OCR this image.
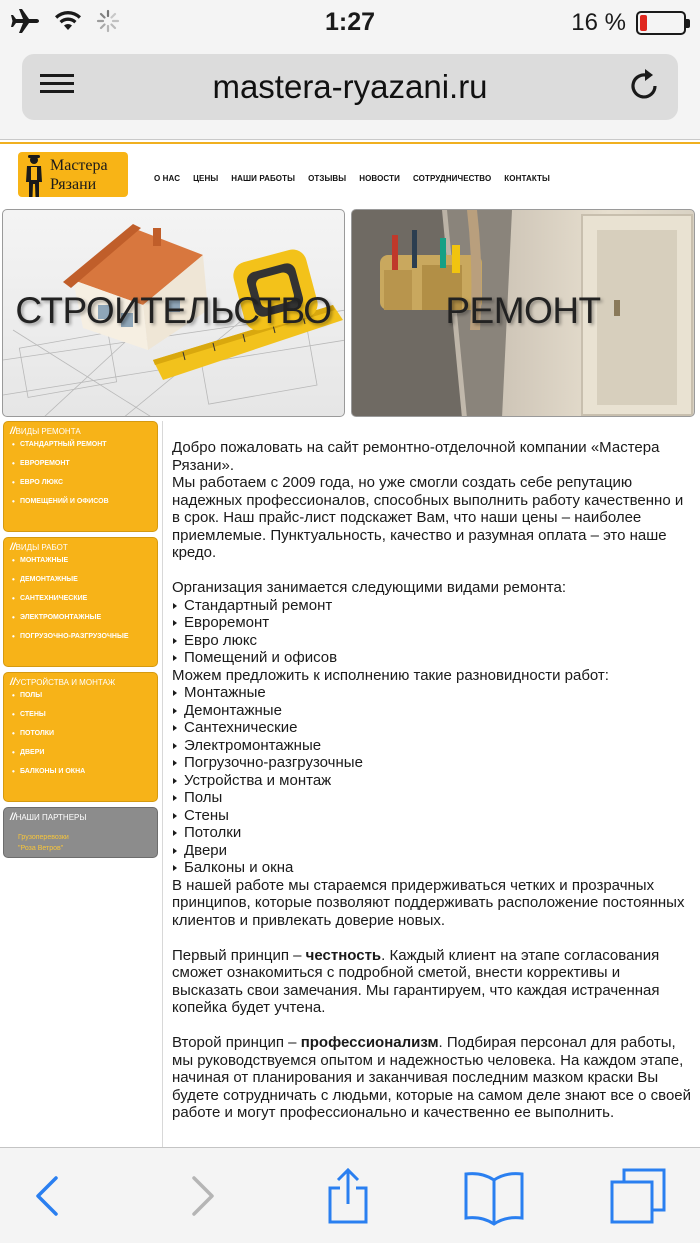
1:27	16 %
mastera-ryazani.ru
Мастера
Рязани	О НАС ЦЕНЫ НАШИ РАБОТЫ ОТЗЫВЫ НОВОСТИ СОТРУДНИЧЕСТВО КОНТАКТЫ
СТРОИТЕЛЬСТВО	РЕМОНТ
//ВИДЫ РЕМОНТА
• СТАНДАРТНЫЙ РЕМОНТ
• ЕВРОРЕМОНТ
• ЕВРО ЛЮКС
• ПОМЕЩЕНИЙ И ОФИСОВ
//ВИДЫ РАБОТ
• МОНТАЖНЫЕ
• ДЕМОНТАЖНЫЕ
• САНТЕХНИЧЕСКИЕ
• ЭЛЕКТРОМОНТАЖНЫЕ
• ПОГРУЗОЧНО-РАЗГРУЗОЧНЫЕ
//УСТРОЙСТВА И МОНТАЖ
• ПОЛЫ
• СТЕНЫ
• ПОТОЛКИ
• ДВЕРИ
• БАЛКОНЫ И ОКНА
//НАШИ ПАРТНЕРЫ
Грузоперевозки
"Роза Ветров"

Добро пожаловать на сайт ремонтно-отделочной компании «Мастера Рязани».

Мы работаем с 2009 года, но уже смогли создать себе репутацию надежных профессионалов, способных выполнить работу качественно и в срок. Наш прайс-лист подскажет Вам, что наши цены – наиболее приемлемые. Пунктуальность, качество и разумная оплата – это наше кредо.

Организация занимается следующими видами ремонта:

Стандартный ремонт
Евроремонт
Евро люкс
Помещений и офисов

Можем предложить к исполнению такие разновидности работ:

Монтажные
Демонтажные
Сантехнические
Электромонтажные
Погрузочно-разгрузочные
Устройства и монтаж
Полы
Стены
Потолки
Двери
Балконы и окна

В нашей работе мы стараемся придерживаться четких и прозрачных принципов, которые позволяют поддерживать расположение постоянных клиентов и привлекать доверие новых.

Первый принцип – честность. Каждый клиент на этапе согласования сможет ознакомиться с подробной сметой, внести коррективы и высказать свои замечания. Мы гарантируем, что каждая истраченная копейка будет учтена.

Второй принцип – профессионализм. Подбирая персонал для работы, мы руководствуемся опытом и надежностью человека. На каждом этапе, начиная от планирования и заканчивая последним мазком краски Вы будете сотрудничать с людьми, которые на самом деле знают все о своей работе и могут профессионально и качественно ее выполнить.
